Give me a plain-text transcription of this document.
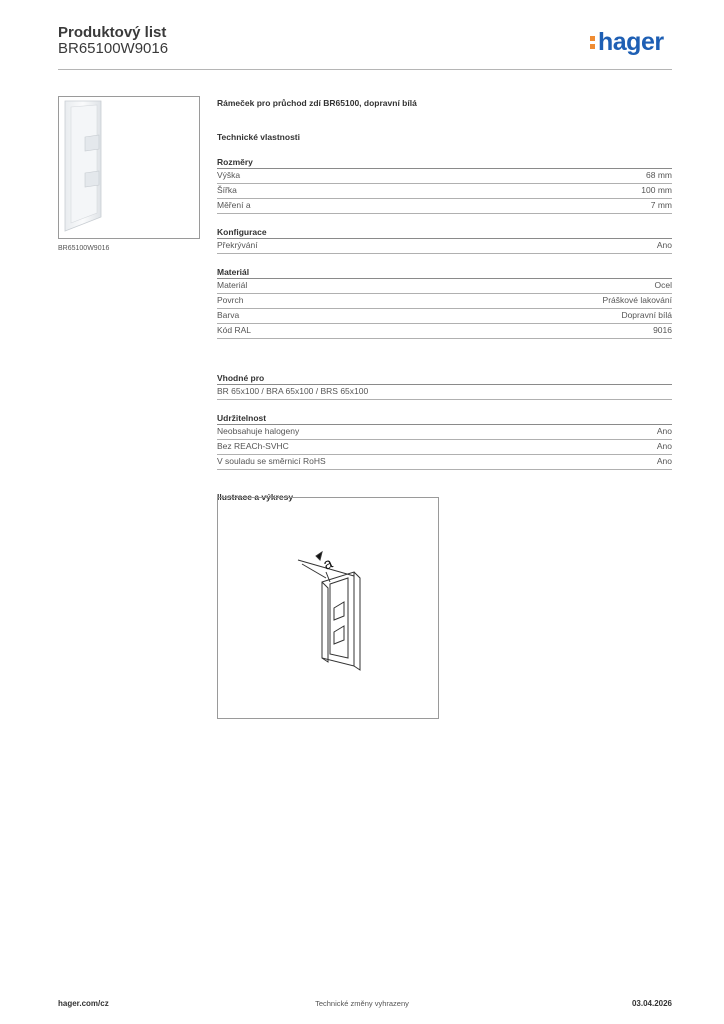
Produktový list
BR65100W9016	hager
BR65100W9016
Rámeček pro průchod zdí BR65100, dopravní bílá
Technické vlastnosti
Rozměry
Výška	68 mm
Šířka	100 mm
Měření a	7 mm
Konfigurace
Překrývání	Ano
Materiál
Materiál	Ocel
Povrch	Práškové lakování
Barva	Dopravní bílá
Kód RAL	9016
Vhodné pro
BR 65x100 / BRA 65x100 / BRS 65x100
Udržitelnost
Neobsahuje halogeny	Ano
Bez REACh-SVHC	Ano
V souladu se směrnicí RoHS	Ano
Ilustrace a výkresy
a
hager.com/cz	Technické změny vyhrazeny	03.04.2026
